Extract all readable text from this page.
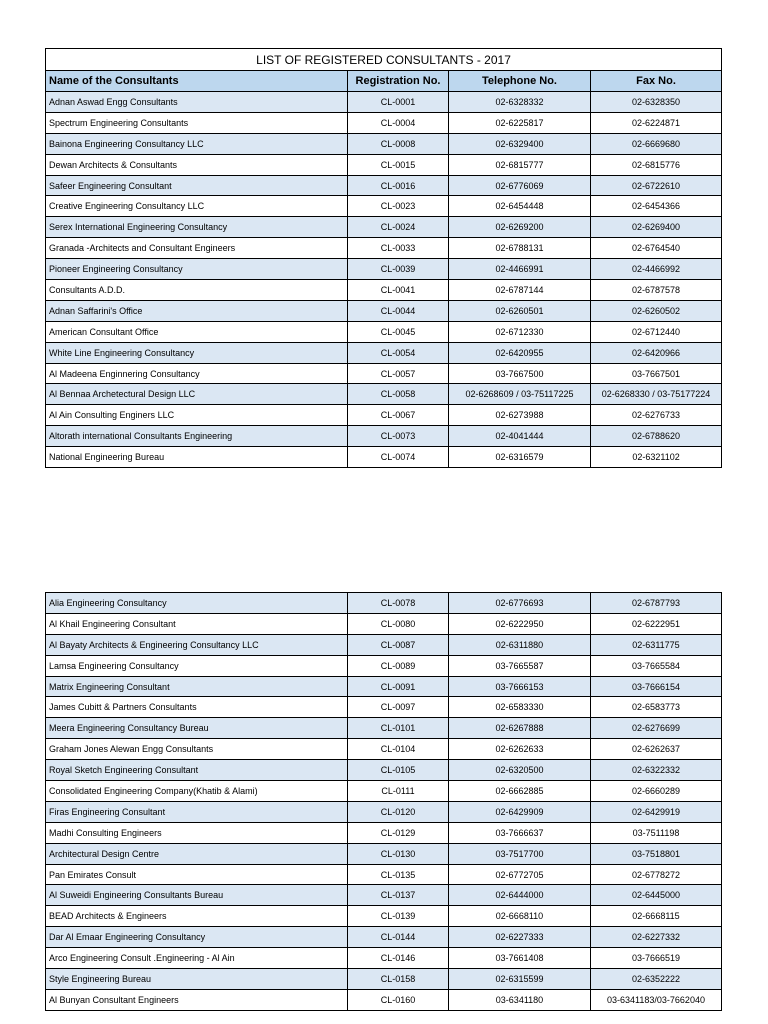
LIST OF REGISTERED CONSULTANTS - 2017			
Name of the Consultants	Registration No.	Telephone No.	Fax No.
Adnan Aswad Engg Consultants	CL-0001	02-6328332	02-6328350
Spectrum Engineering Consultants	CL-0004	02-6225817	02-6224871
Bainona Engineering Consultancy LLC	CL-0008	02-6329400	02-6669680
Dewan Architects & Consultants	CL-0015	02-6815777	02-6815776
Safeer Engineering Consultant	CL-0016	02-6776069	02-6722610
Creative Engineering Consultancy LLC	CL-0023	02-6454448	02-6454366
Serex International Engineering Consultancy	CL-0024	02-6269200	02-6269400
Granada -Architects and Consultant Engineers	CL-0033	02-6788131	02-6764540
Pioneer Engineering Consultancy	CL-0039	02-4466991	02-4466992
Consultants A.D.D.	CL-0041	02-6787144	02-6787578
Adnan Saffarini's Office	CL-0044	02-6260501	02-6260502
American Consultant Office	CL-0045	02-6712330	02-6712440
White Line Engineering Consultancy	CL-0054	02-6420955	02-6420966
Al Madeena Enginnering Consultancy	CL-0057	03-7667500	03-7667501
Al Bennaa Archetectural Design LLC	CL-0058	02-6268609 / 03-75117225	02-6268330 / 03-75177224
Al Ain Consulting Enginers LLC	CL-0067	02-6273988	02-6276733
Altorath international Consultants Engineering	CL-0073	02-4041444	02-6788620
National Engineering Bureau	CL-0074	02-6316579	02-6321102
Alia Engineering Consultancy	CL-0078	02-6776693	02-6787793
Al Khail Engineering Consultant	CL-0080	02-6222950	02-6222951
Al Bayaty Architects & Engineering Consultancy LLC	CL-0087	02-6311880	02-6311775
Lamsa Engineering Consultancy	CL-0089	03-7665587	03-7665584
Matrix Engineering Consultant	CL-0091	03-7666153	03-7666154
James Cubitt & Partners Consultants	CL-0097	02-6583330	02-6583773
Meera Engineering Consultancy Bureau	CL-0101	02-6267888	02-6276699
Graham Jones Alewan Engg Consultants	CL-0104	02-6262633	02-6262637
Royal Sketch Engineering Consultant	CL-0105	02-6320500	02-6322332
Consolidated Engineering Company(Khatib & Alami)	CL-0111	02-6662885	02-6660289
Firas Engineering Consultant	CL-0120	02-6429909	02-6429919
Madhi Consulting Engineers	CL-0129	03-7666637	03-7511198
Architectural Design Centre	CL-0130	03-7517700	03-7518801
Pan Emirates Consult	CL-0135	02-6772705	02-6778272
Al Suweidi Engineering Consultants Bureau	CL-0137	02-6444000	02-6445000
BEAD Architects & Engineers	CL-0139	02-6668110	02-6668115
Dar Al Emaar Engineering Consultancy	CL-0144	02-6227333	02-6227332
Arco Engineering Consult .Engineering - Al Ain	CL-0146	03-7661408	03-7666519
Style Engineering Bureau	CL-0158	02-6315599	02-6352222
Al Bunyan Consultant Engineers	CL-0160	03-6341180	03-6341183/03-7662040
